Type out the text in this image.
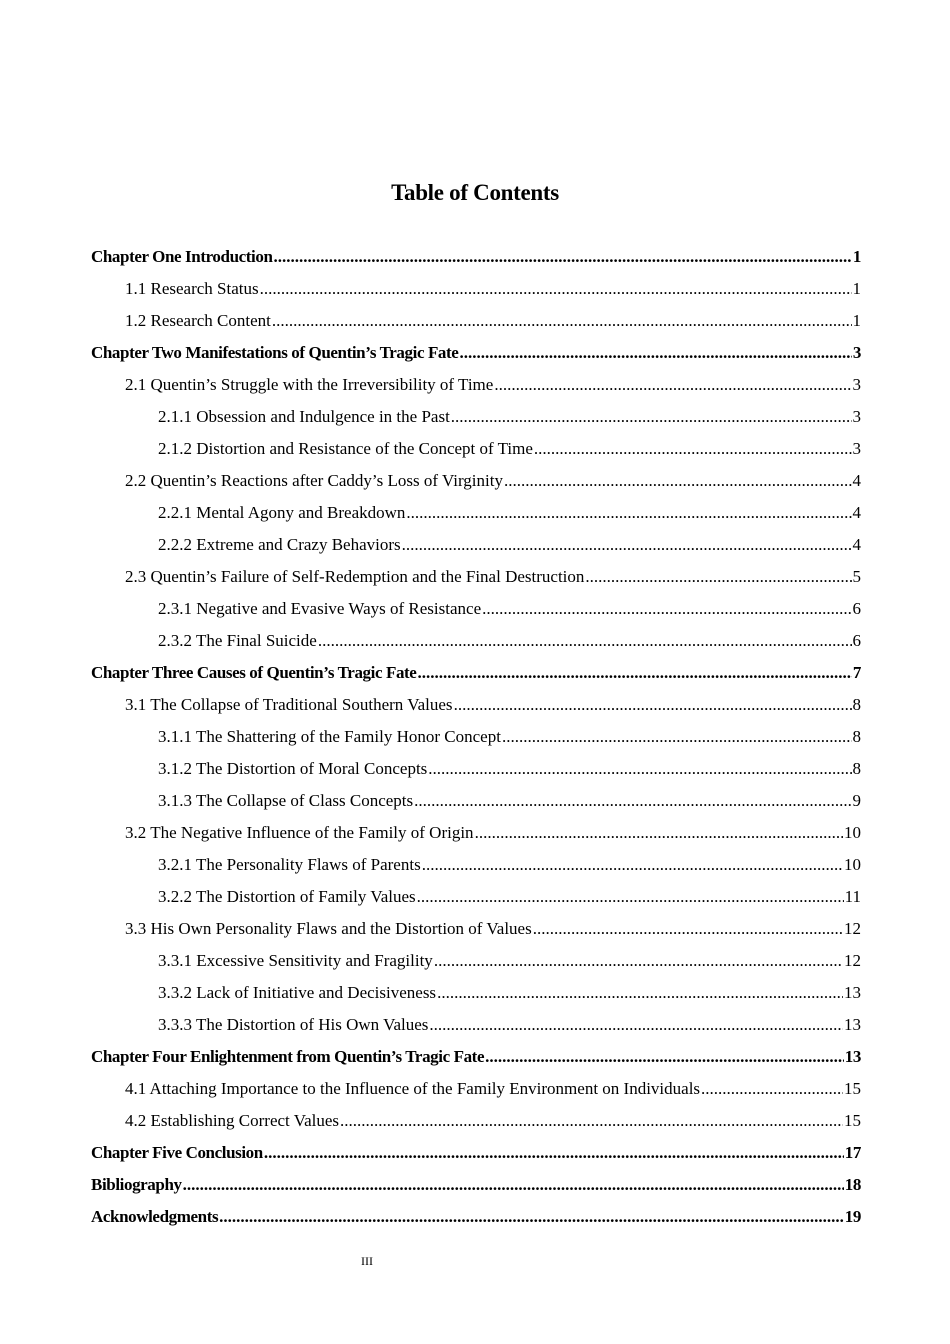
Table of Contents
Chapter One Introduction .....	1
1.1 Research Status .....	1
1.2 Research Content .....	1
Chapter Two Manifestations of Quentin’s Tragic Fate .....	3
2.1 Quentin’s Struggle with the Irreversibility of Time .....	3
2.1.1 Obsession and Indulgence in the Past .....	3
2.1.2 Distortion and Resistance of the Concept of Time .....	3
2.2 Quentin’s Reactions after Caddy’s Loss of Virginity .....	4
2.2.1 Mental Agony and Breakdown .....	4
2.2.2 Extreme and Crazy Behaviors .....	4
2.3 Quentin’s Failure of Self-Redemption and the Final Destruction .....	5
2.3.1 Negative and Evasive Ways of Resistance .....	6
2.3.2 The Final Suicide .....	6
Chapter Three Causes of Quentin’s Tragic Fate .....	7
3.1 The Collapse of Traditional Southern Values .....	8
3.1.1 The Shattering of the Family Honor Concept .....	8
3.1.2 The Distortion of Moral Concepts .....	8
3.1.3 The Collapse of Class Concepts .....	9
3.2 The Negative Influence of the Family of Origin .....	10
3.2.1 The Personality Flaws of Parents .....	10
3.2.2 The Distortion of Family Values .....	11
3.3 His Own Personality Flaws and the Distortion of Values .....	12
3.3.1 Excessive Sensitivity and Fragility .....	12
3.3.2 Lack of Initiative and Decisiveness .....	13
3.3.3 The Distortion of His Own Values .....	13
Chapter Four Enlightenment from Quentin’s Tragic Fate .....	13
4.1 Attaching Importance to the Influence of the Family Environment on Individuals .....	15
4.2 Establishing Correct Values .....	15
Chapter Five Conclusion .....	17
Bibliography .....	18
Acknowledgments .....	19

III
